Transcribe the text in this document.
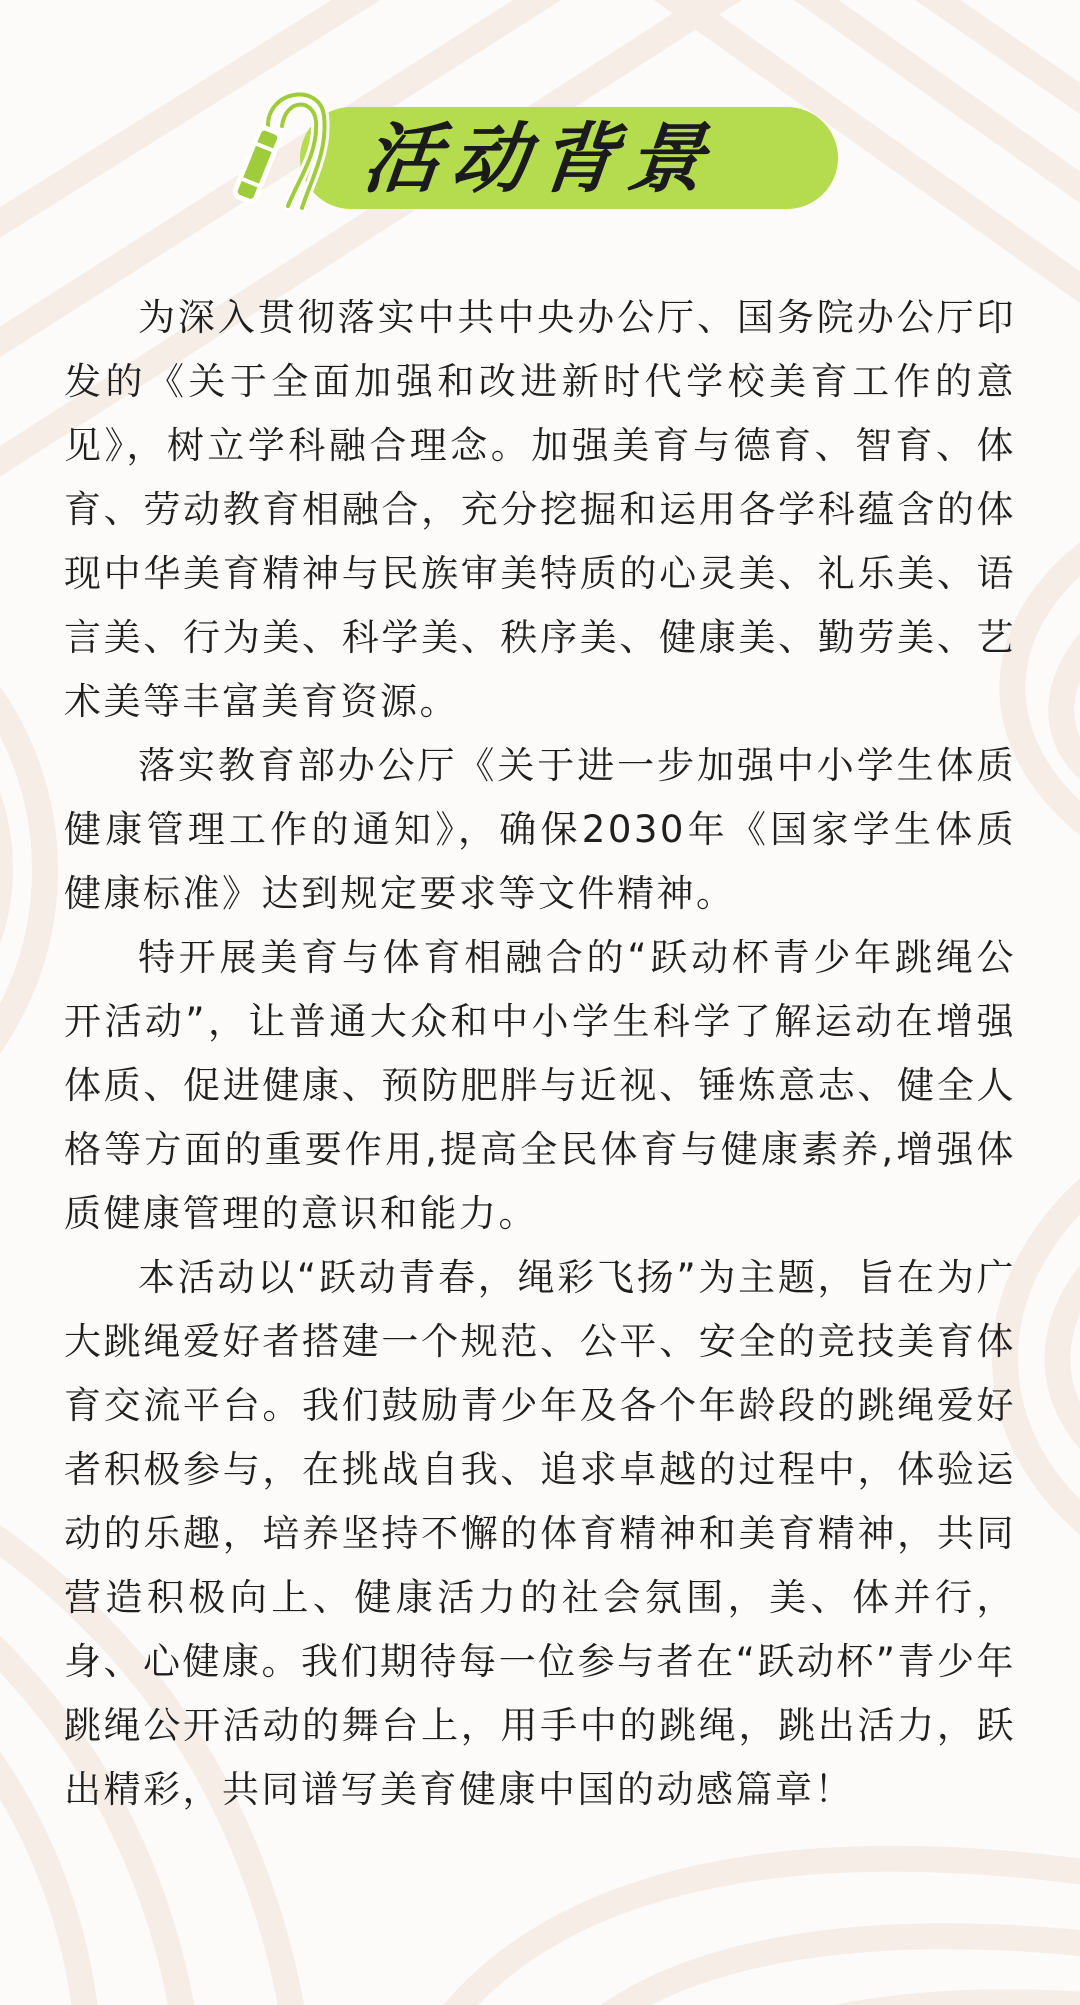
活动背景

为深入贯彻落实中共中央办公厅、国务院办公厅印发的《关于全面加强和改进新时代学校美育工作的意见》，树立学科融合理念。加强美育与德育、智育、体育、劳动教育相融合，充分挖掘和运用各学科蕴含的体现中华美育精神与民族审美特质的心灵美、礼乐美、语言美、行为美、科学美、秩序美、健康美、勤劳美、艺术美等丰富美育资源。

落实教育部办公厅《关于进一步加强中小学生体质健康管理工作的通知》，确保2030年《国家学生体质健康标准》达到规定要求等文件精神。

特开展美育与体育相融合的“跃动杯青少年跳绳公开活动”，让普通大众和中小学生科学了解运动在增强体质、促进健康、预防肥胖与近视、锤炼意志、健全人格等方面的重要作用,提高全民体育与健康素养,增强体质健康管理的意识和能力。

本活动以“跃动青春，绳彩飞扬”为主题，旨在为广大跳绳爱好者搭建一个规范、公平、安全的竞技美育体育交流平台。我们鼓励青少年及各个年龄段的跳绳爱好者积极参与，在挑战自我、追求卓越的过程中，体验运动的乐趣，培养坚持不懈的体育精神和美育精神，共同营造积极向上、健康活力的社会氛围，美、体并行，身、心健康。我们期待每一位参与者在“跃动杯”青少年跳绳公开活动的舞台上，用手中的跳绳，跳出活力，跃出精彩，共同谱写美育健康中国的动感篇章！
